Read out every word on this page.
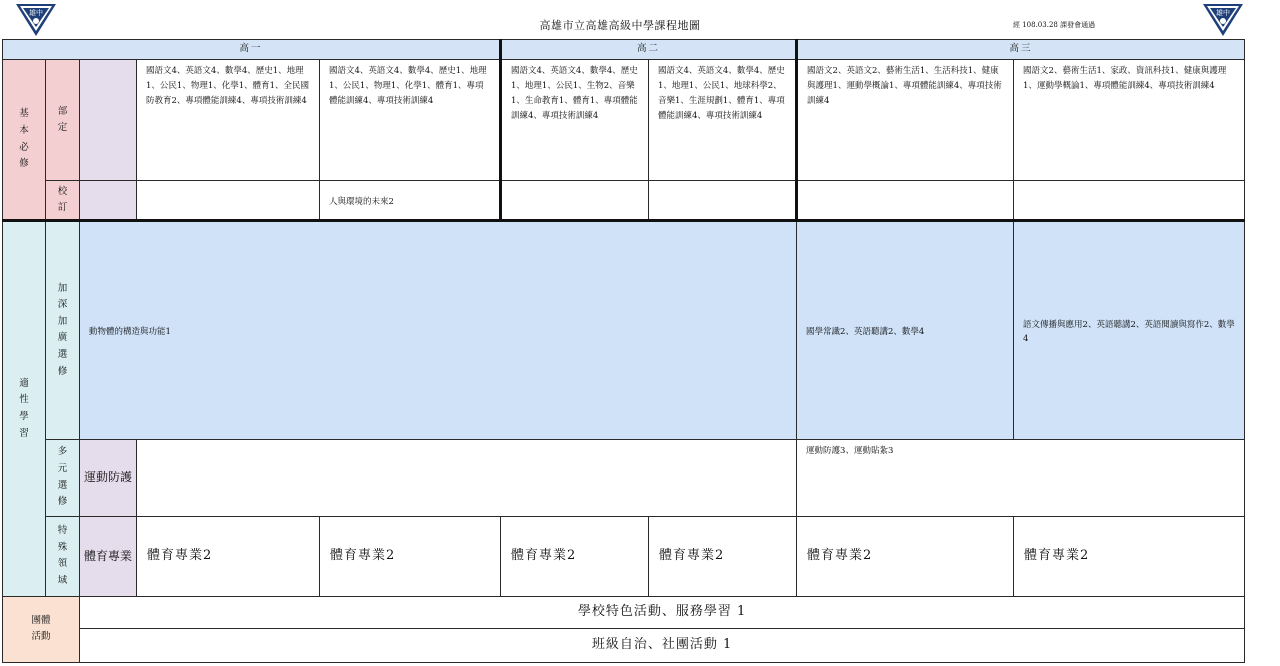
雄中	雄中
高雄市立高雄高級中學課程地圖	經 108.03.28 課發會通過
高一					高二		高三	

基本必修	部定		國語文4、英語文4、數學4、歷史1、地理1、公民1、物理1、化學1、體育1、全民國防教育2、專項體能訓練4、專項技術訓練4	國語文4、英語文4、數學4、歷史1、地理1、公民1、物理1、化學1、體育1、專項體能訓練4、專項技術訓練4	國語文4、英語文4、數學4、歷史1、地理1、公民1、生物2、音樂1、生命教育1、體育1、專項體能訓練4、專項技術訓練4	國語文4、英語文4、數學4、歷史1、地理1、公民1、地球科學2、音樂1、生涯規劃1、體育1、專項體能訓練4、專項技術訓練4	國語文2、英語文2、藝術生活1、生活科技1、健康與護理1、運動學概論1、專項體能訓練4、專項技術訓練4	國語文2、藝術生活1、家政、資訊科技1、健康與護理1、運動學概論1、專項體能訓練4、專項技術訓練4

	校訂			人與環境的未來2				

適性學習	加深加廣選修	動物體的構造與功能1					國學常識2、英語聽講2、數學4	語文傳播與應用2、英語聽講2、英語閱讀與寫作2、數學4

	多元選修	運動防護					運動防護3、運動貼紮3	

	特殊領域	體育專業	體育專業2	體育專業2	體育專業2	體育專業2	體育專業2	體育專業2

團體活動		學校特色活動、服務學習 1						
		班級自治、社團活動 1						
